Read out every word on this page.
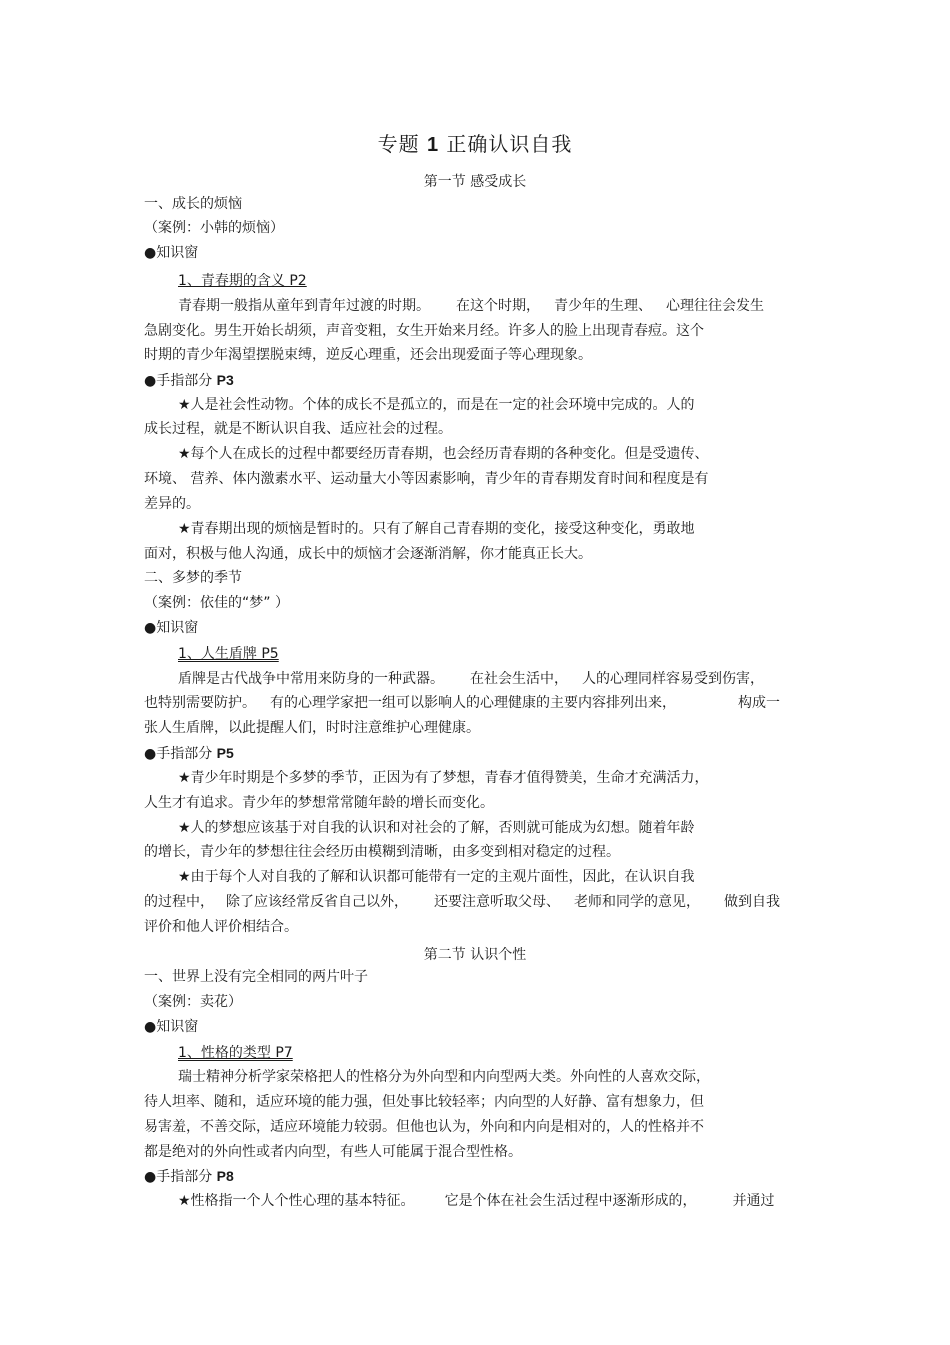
专题 1 正确认识自我
第一节 感受成长
一、成长的烦恼
（案例：小韩的烦恼）
●知识窗
1、青春期的含义 P2
青春期一般指从童年到青年过渡的时期。 在这个时期， 青少年的生理、 心理往往会发生
急剧变化。男生开始长胡须，声音变粗，女生开始来月经。许多人的脸上出现青春痘。这个
时期的青少年渴望摆脱束缚，逆反心理重，还会出现爱面子等心理现象。
●手指部分 P3
★人是社会性动物。个体的成长不是孤立的，而是在一定的社会环境中完成的。人的
成长过程，就是不断认识自我、适应社会的过程。
★每个人在成长的过程中都要经历青春期，也会经历青春期的各种变化。但是受遗传、
环境、 营养、体内激素水平、运动量大小等因素影响，青少年的青春期发育时间和程度是有
差异的。
★青春期出现的烦恼是暂时的。只有了解自己青春期的变化，接受这种变化，勇敢地
面对，积极与他人沟通，成长中的烦恼才会逐渐消解，你才能真正长大。
二、多梦的季节
（案例：依佳的“梦” ）
●知识窗
1、人生盾牌 P5
盾牌是古代战争中常用来防身的一种武器。 在社会生活中， 人的心理同样容易受到伤害，
也特别需要防护。 有的心理学家把一组可以影响人的心理健康的主要内容排列出来，	构成一
张人生盾牌，以此提醒人们，时时注意维护心理健康。
●手指部分 P5
★青少年时期是个多梦的季节，正因为有了梦想，青春才值得赞美，生命才充满活力，
人生才有追求。青少年的梦想常常随年龄的增长而变化。
★人的梦想应该基于对自我的认识和对社会的了解，否则就可能成为幻想。随着年龄
的增长，青少年的梦想往往会经历由模糊到清晰，由多变到相对稳定的过程。
★由于每个人对自我的了解和认识都可能带有一定的主观片面性，因此，在认识自我
的过程中， 除了应该经常反省自己以外， 还要注意听取父母、 老师和同学的意见， 做到自我
评价和他人评价相结合。
第二节 认识个性
一、世界上没有完全相同的两片叶子
（案例：卖花）
●知识窗
1、性格的类型 P7
瑞士精神分析学家荣格把人的性格分为外向型和内向型两大类。外向性的人喜欢交际，
待人坦率、随和，适应环境的能力强，但处事比较轻率；内向型的人好静、富有想象力，但
易害羞，不善交际，适应环境能力较弱。但他也认为，外向和内向是相对的，人的性格并不
都是绝对的外向性或者内向型，有些人可能属于混合型性格。
●手指部分 P8
★性格指一个人个性心理的基本特征。 它是个体在社会生活过程中逐渐形成的，	并通过
